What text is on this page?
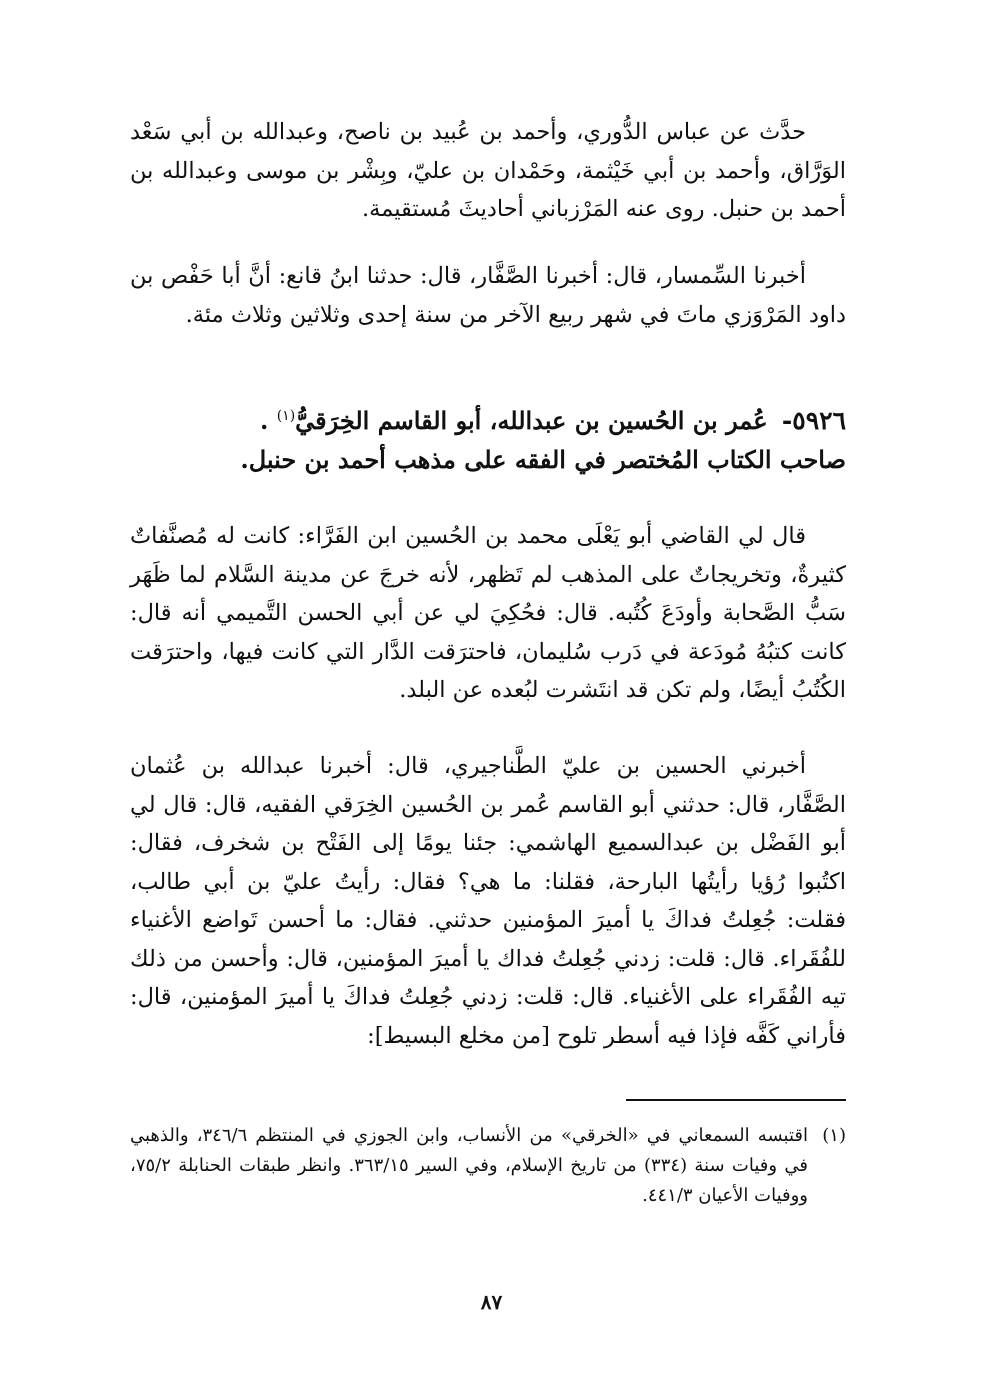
حدَّث عن عباس الدُّوري، وأحمد بن عُبيد بن ناصح، وعبدالله بن أبي سَعْد الوَرَّاق، وأحمد بن أبي خَيْثمة، وحَمْدان بن عليّ، وبِشْر بن موسى وعبدالله بن أحمد بن حنبل. روى عنه المَرْزباني أحاديثَ مُستقيمة.

أخبرنا السِّمسار، قال: أخبرنا الصَّفَّار، قال: حدثنا ابنُ قانع: أنَّ أبا حَفْص بن داود المَرْوَزي ماتَ في شهر ربيع الآخر من سنة إحدى وثلاثين وثلاث مئة.

٥٩٢٦- عُمر بن الحُسين بن عبدالله، أبو القاسم الخِرَقيُّ$^{(١)}$ .
صاحب الكتاب المُختصر في الفقه على مذهب أحمد بن حنبل.

قال لي القاضي أبو يَعْلَى محمد بن الحُسين ابن الفَرَّاء: كانت له مُصنَّفاتٌ كثيرةٌ، وتخريجاتٌ على المذهب لم تَظهر، لأنه خرجَ عن مدينة السَّلام لما ظَهَر سَبُّ الصَّحابة وأودَعَ كُتُبه. قال: فحُكِيَ لي عن أبي الحسن التَّميمي أنه قال: كانت كتبُهُ مُودَعة في دَرب سُليمان، فاحترَقت الدَّار التي كانت فيها، واحترَقت الكُتُبُ أيضًا، ولم تكن قد انتَشرت لبُعده عن البلد.

أخبرني الحسين بن عليّ الطَّناجيري، قال: أخبرنا عبدالله بن عُثمان الصَّفَّار، قال: حدثني أبو القاسم عُمر بن الحُسين الخِرَقي الفقيه، قال: قال لي أبو الفَضْل بن عبدالسميع الهاشمي: جئنا يومًا إلى الفَتْح بن شخرف، فقال: اكتُبوا رُؤيا رأيتُها البارحة، فقلنا: ما هي؟ فقال: رأيتُ عليّ بن أبي طالب، فقلت: جُعِلتُ فداكَ يا أميرَ المؤمنين حدثني. فقال: ما أحسن تَواضع الأغنياء للفُقَراء. قال: قلت: زدني جُعِلتُ فداك يا أميرَ المؤمنين، قال: وأحسن من ذلك تيه الفُقَراء على الأغنياء. قال: قلت: زدني جُعِلتُ فداكَ يا أميرَ المؤمنين، قال: فأراني كَفَّه فإذا فيه أسطر تلوح [من مخلع البسيط]:

(١)
اقتبسه السمعاني في «الخرقي» من الأنساب، وابن الجوزي في المنتظم ٣٤٦/٦، والذهبي في وفيات سنة (٣٣٤) من تاريخ الإسلام، وفي السير ٣٦٣/١٥. وانظر طبقات الحنابلة ٧٥/٢، ووفيات الأعيان ٤٤١/٣.
٨٧
